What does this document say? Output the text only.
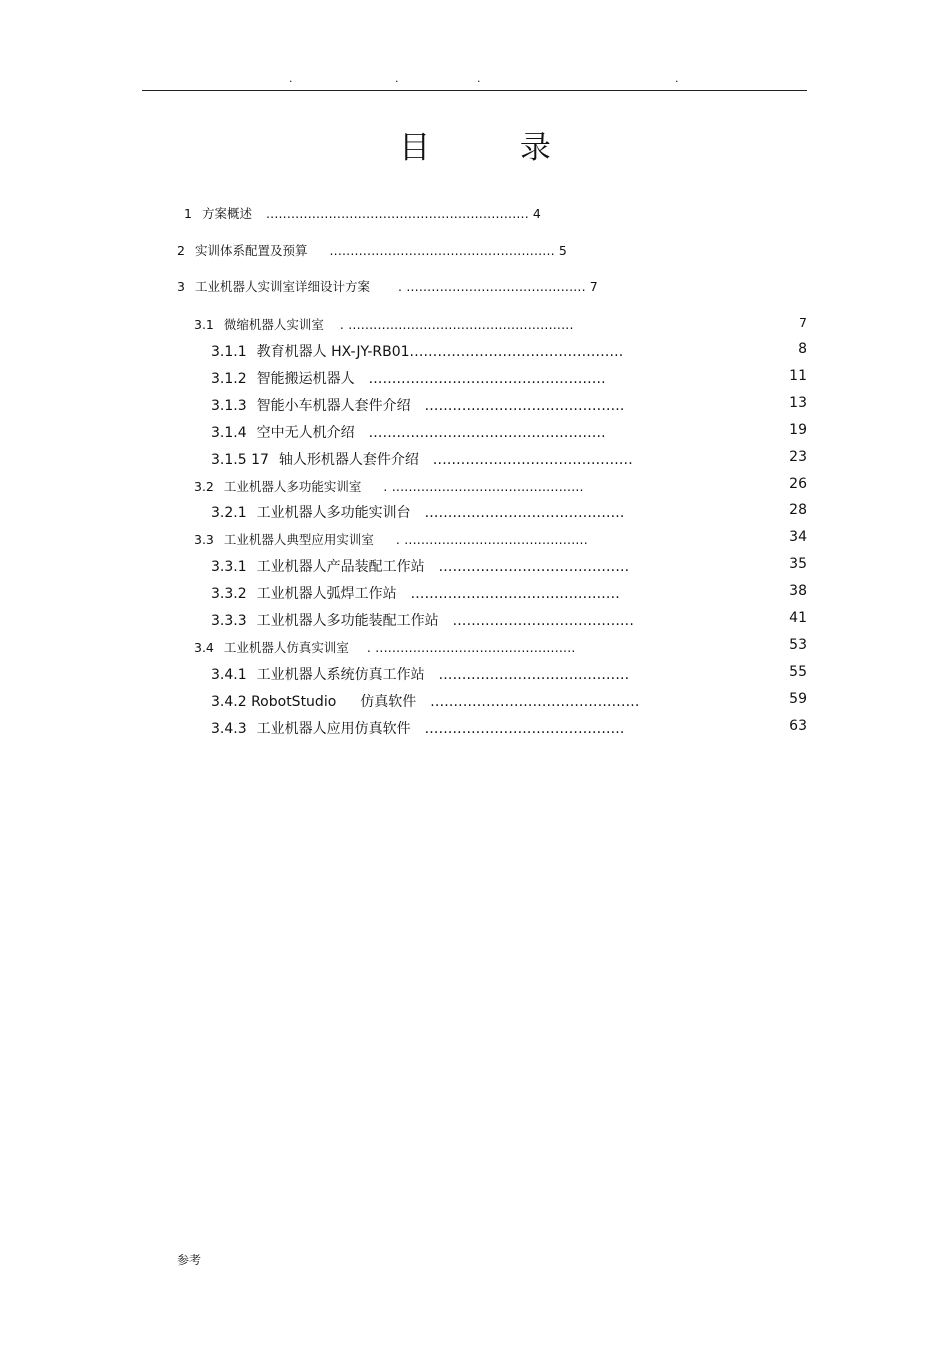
.	.	.	.
目 录
1 方案概述 ............................................................... 4
2 实训体系配置及预算 ...................................................... 5
3 工业机器人实训室详细设计方案 . ........................................... 7
3.1 微缩机器人实训室 . ......................................................	7
3.1.1 教育机器人 HX-JY-RB01..............................................	8
3.1.2 智能搬运机器人 ...................................................	11
3.1.3 智能小车机器人套件介绍 ...........................................	13
3.1.4 空中无人机介绍 ...................................................	19
3.1.5 17 轴人形机器人套件介绍 ...........................................	23
3.2 工业机器人多功能实训室 . ..............................................	26
3.2.1 工业机器人多功能实训台 ...........................................	28
3.3 工业机器人典型应用实训室 . ............................................	34
3.3.1 工业机器人产品装配工作站 .........................................	35
3.3.2 工业机器人弧焊工作站 .............................................	38
3.3.3 工业机器人多功能装配工作站 .......................................	41
3.4 工业机器人仿真实训室 . ................................................	53
3.4.1 工业机器人系统仿真工作站 .........................................	55
3.4.2 RobotStudio 仿真软件 .............................................	59
3.4.3 工业机器人应用仿真软件 ...........................................	63
参考
